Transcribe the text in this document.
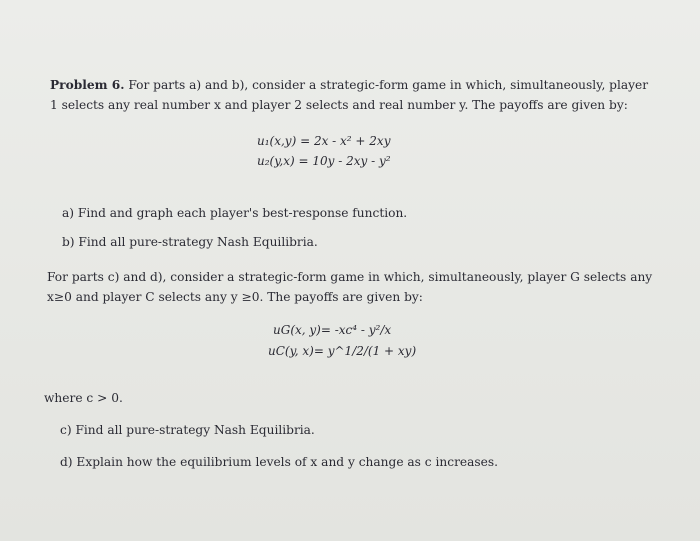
Problem 6. For parts a) and b), consider a strategic-form game in which, simultaneously, player
1 selects any real number x and player 2 selects and real number y. The payoffs are given by:
u₁(x,y) = 2x - x² + 2xy
u₂(y,x) = 10y - 2xy - y²
a) Find and graph each player's best-response function.
b) Find all pure-strategy Nash Equilibria.
For parts c) and d), consider a strategic-form game in which, simultaneously, player G selects any
x≥0 and player C selects any y ≥0. The payoffs are given by:
uG(x, y)= -xc⁴ - y²/x
uC(y, x)= y^1/2/(1 + xy)
where c > 0.
c) Find all pure-strategy Nash Equilibria.
d) Explain how the equilibrium levels of x and y change as c increases.
